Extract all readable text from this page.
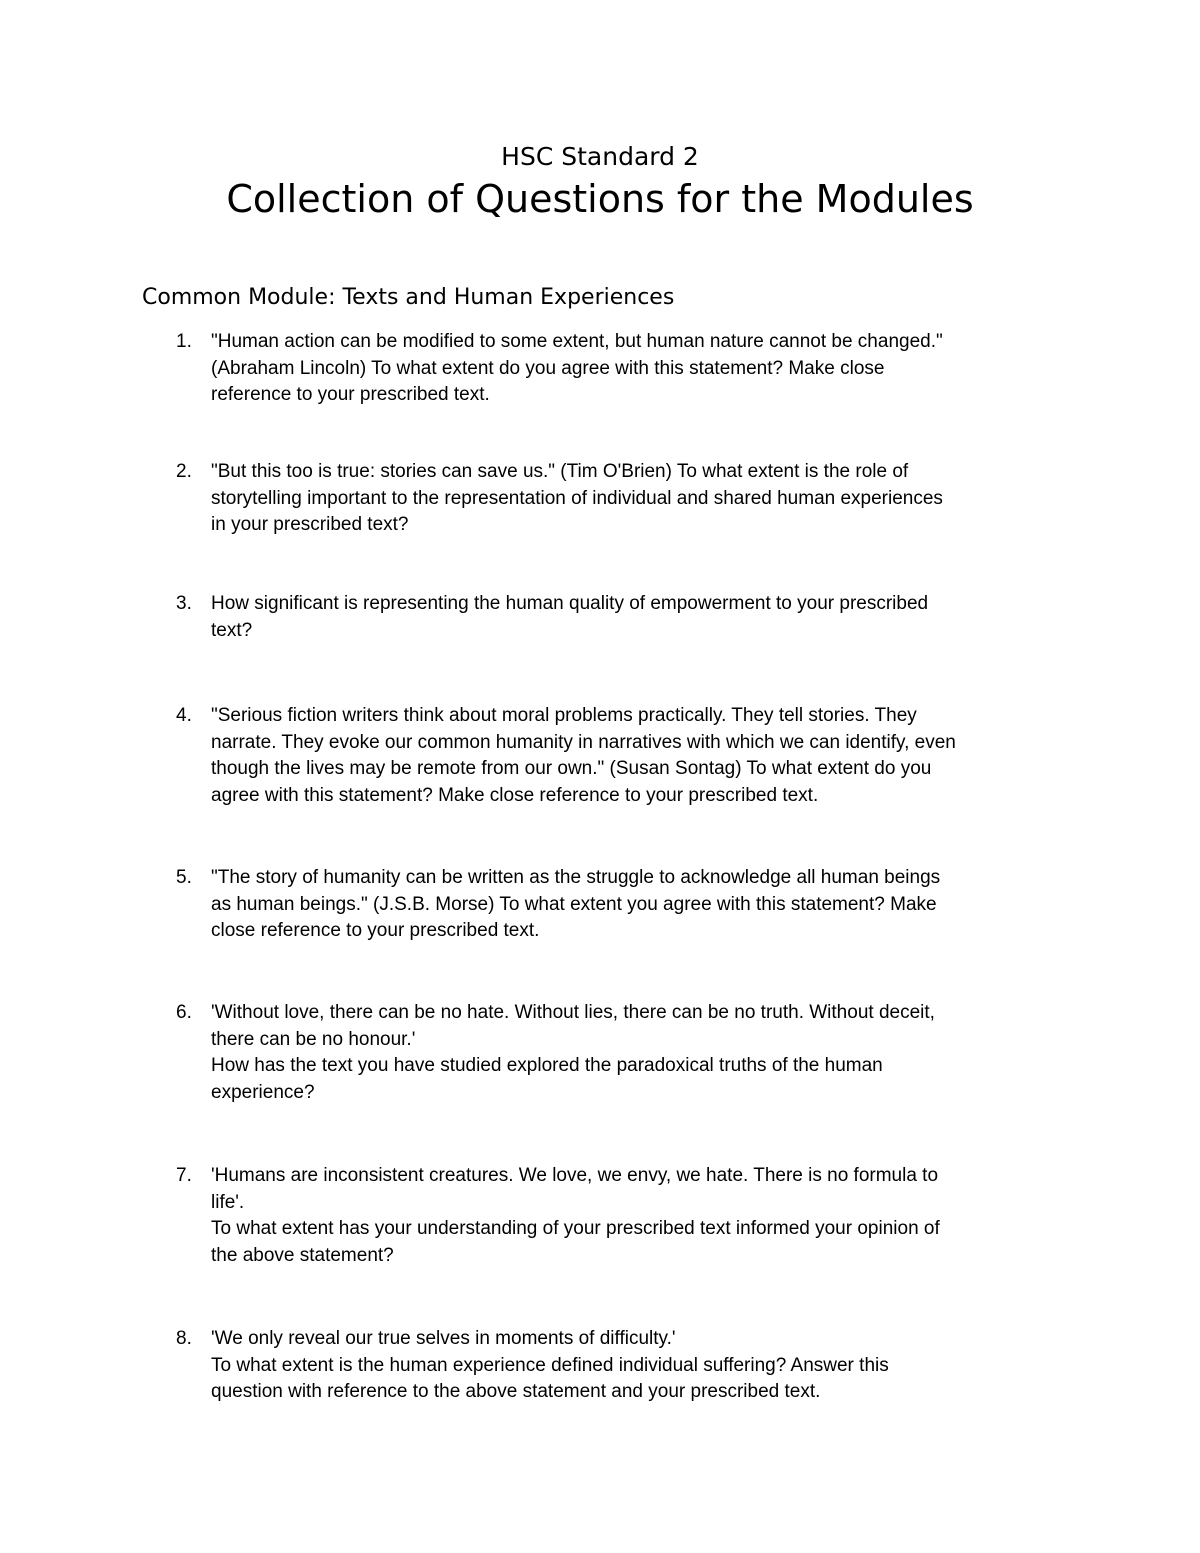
HSC Standard 2
Collection of Questions for the Modules
Common Module: Texts and Human Experiences
1. "Human action can be modified to some extent, but human nature cannot be changed."
(Abraham Lincoln) To what extent do you agree with this statement? Make close
reference to your prescribed text.
2. "But this too is true: stories can save us." (Tim O'Brien) To what extent is the role of
storytelling important to the representation of individual and shared human experiences
in your prescribed text?
3. How significant is representing the human quality of empowerment to your prescribed
text?
4. "Serious fiction writers think about moral problems practically. They tell stories. They
narrate. They evoke our common humanity in narratives with which we can identify, even
though the lives may be remote from our own." (Susan Sontag) To what extent do you
agree with this statement? Make close reference to your prescribed text.
5. "The story of humanity can be written as the struggle to acknowledge all human beings
as human beings." (J.S.B. Morse) To what extent you agree with this statement? Make
close reference to your prescribed text.
6. 'Without love, there can be no hate. Without lies, there can be no truth. Without deceit,
there can be no honour.'
How has the text you have studied explored the paradoxical truths of the human
experience?
7. 'Humans are inconsistent creatures. We love, we envy, we hate. There is no formula to
life'.
To what extent has your understanding of your prescribed text informed your opinion of
the above statement?
8. 'We only reveal our true selves in moments of difficulty.'
To what extent is the human experience defined individual suffering? Answer this
question with reference to the above statement and your prescribed text.
